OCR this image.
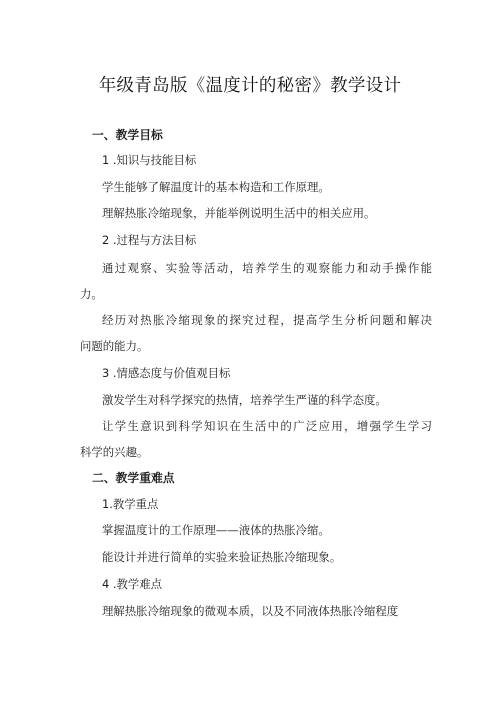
年级青岛版《温度计的秘密》教学设计
一、教学目标
1 .知识与技能目标
学生能够了解温度计的基本构造和工作原理。
理解热胀冷缩现象，并能举例说明生活中的相关应用。
2 .过程与方法目标
通过观察、实验等活动，培养学生的观察能力和动手操作能
力。
经历对热胀冷缩现象的探究过程，提高学生分析问题和解决
问题的能力。
3 .情感态度与价值观目标
激发学生对科学探究的热情，培养学生严谨的科学态度。
让学生意识到科学知识在生活中的广泛应用，增强学生学习
科学的兴趣。
二、教学重难点
1.教学重点
掌握温度计的工作原理——液体的热胀冷缩。
能设计并进行简单的实验来验证热胀冷缩现象。
4 .教学难点
理解热胀冷缩现象的微观本质，以及不同液体热胀冷缩程度
